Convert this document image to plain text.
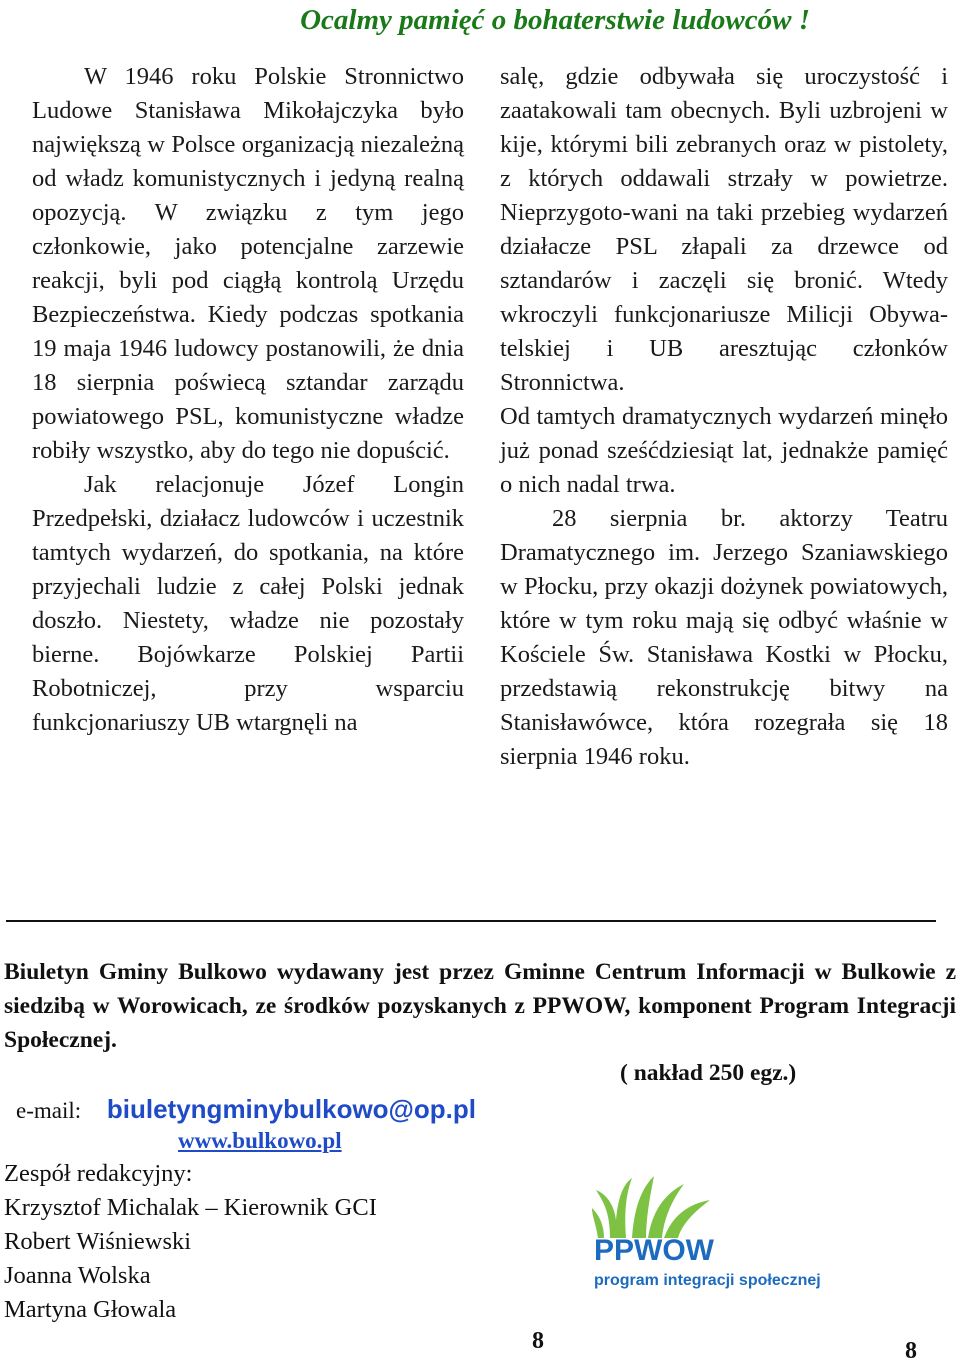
Ocalmy pamięć o bohaterstwie ludowców !

W 1946 roku Polskie Stronnictwo Ludowe Stanisława Mikołajczyka było największą w Polsce organizacją niezależną od władz komunistycznych i jedyną realną opozycją. W związku z tym jego członkowie, jako potencjalne zarzewie reakcji, byli pod ciągłą kontrolą Urzędu Bezpieczeństwa. Kiedy podczas spotkania 19 maja 1946 ludowcy postanowili, że dnia 18 sierpnia poświecą sztandar zarządu powiatowego PSL, komunistyczne władze robiły wszystko, aby do tego nie dopuścić.

Jak relacjonuje Józef Longin Przedpełski, działacz ludowców i uczestnik tamtych wydarzeń, do spotkania, na które przyjechali ludzie z całej Polski jednak doszło. Niestety, władze nie pozostały bierne. Bojówkarze Polskiej Partii Robotniczej, przy wsparciu funkcjonariuszy UB wtargnęli na

salę, gdzie odbywała się uroczystość i zaatakowali tam obecnych. Byli uzbrojeni w kije, którymi bili zebranych oraz w pistolety, z których oddawali strzały w powietrze. Nieprzygoto-wani na taki przebieg wydarzeń działacze PSL złapali za drzewce od sztandarów i zaczęli się bronić. Wtedy wkroczyli funkcjonariusze Milicji Obywa-telskiej i UB aresztując członków Stronnictwa.

Od tamtych dramatycznych wydarzeń minęło już ponad sześćdziesiąt lat, jednakże pamięć o nich nadal trwa.

28 sierpnia br. aktorzy Teatru Dramatycznego im. Jerzego Szaniawskiego w Płocku, przy okazji dożynek powiatowych, które w tym roku mają się odbyć właśnie w Kościele Św. Stanisława Kostki w Płocku, przedstawią rekonstrukcję bitwy na Stanisławówce, która rozegrała się 18 sierpnia 1946 roku.

Biuletyn Gminy Bulkowo wydawany jest przez Gminne Centrum Informacji w Bulkowie z siedzibą w Worowicach, ze środków pozyskanych z PPWOW, komponent Program Integracji Społecznej.
( nakład 250 egz.)
e-mail: biuletyngminybulkowo@op.pl
www.bulkowo.pl
Zespół redakcyjny:
Krzysztof Michalak – Kierownik GCI
Robert Wiśniewski
Joanna Wolska
Martyna Głowala
PPWOW
program integracji społecznej
8	8
